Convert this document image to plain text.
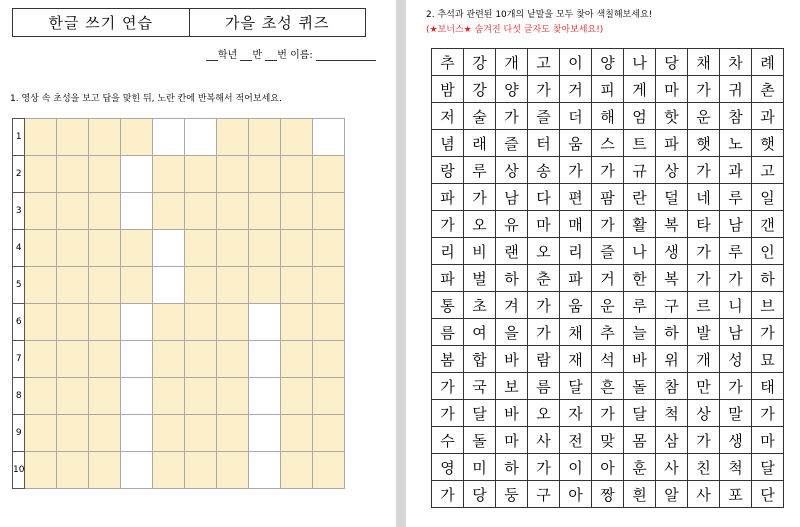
한글 쓰기 연습	가을 초성 퀴즈
학년 반 번 이름:
1. 영상 속 초성을 보고 답을 맞힌 뒤, 노란 칸에 반복해서 적어보세요.
1										
2										
3										
4										
5										
6										
7										
8										
9										
10										
2. 추석과 관련된 10개의 낱말을 모두 찾아 색칠해보세요!
(★보너스★ 숨겨진 다섯 글자도 찾아보세요!)
추	강	개	고	이	양	나	당	채	차	례
밤	강	양	가	거	피	게	마	가	귀	촌
저	술	가	즐	더	해	엄	핫	운	참	과
념	래	즐	터	움	스	트	파	햇	노	햇
랑	루	상	송	가	가	규	상	가	과	고
파	가	남	다	편	팜	란	덜	네	루	일
가	오	유	마	매	가	활	복	타	남	갠
리	비	랜	오	리	즐	나	생	가	루	인
파	벌	하	춘	파	거	한	복	가	가	하
통	초	겨	가	움	운	루	구	르	니	브
름	여	을	가	채	추	늘	하	발	남	가
봄	합	바	람	재	석	바	위	개	성	묘
가	국	보	름	달	흔	돌	참	만	가	태
가	달	바	오	자	가	달	척	상	말	가
수	돌	마	사	전	맞	몸	삼	가	생	마
영	미	하	가	이	아	훈	사	친	척	달
가	당	둥	구	아	짱	흰	알	사	포	단
